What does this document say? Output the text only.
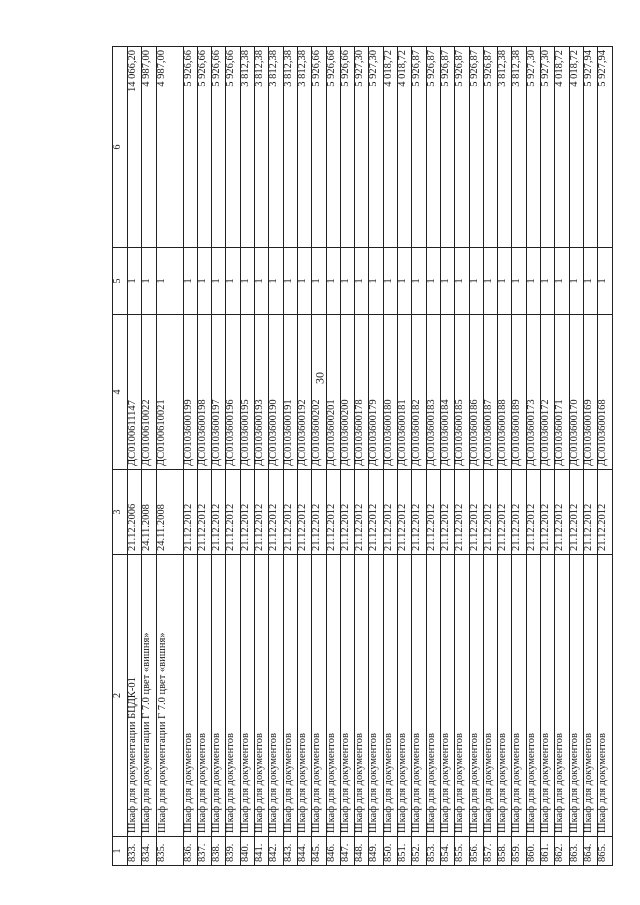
30
1	2	3	4	5	6
833.	Шкаф для документации БЦДК-01	21.12.2006	ДС0100611147	1	14 066,20
834.	Шкаф для документации Г 7.0 цвет «вишня»	24.11.2008	ДС0100610022	1	4 987,00
835.	Шкаф для документации Г 7.0 цвет «вишня»	24.11.2008	ДС0100610021	1	4 987,00
836.	Шкаф для документов	21.12.2012	ДС0103600199	1	5 926,66
837.	Шкаф для документов	21.12.2012	ДС0103600198	1	5 926,66
838.	Шкаф для документов	21.12.2012	ДС0103600197	1	5 926,66
839.	Шкаф для документов	21.12.2012	ДС0103600196	1	5 926,66
840.	Шкаф для документов	21.12.2012	ДС0103600195	1	3 812,38
841.	Шкаф для документов	21.12.2012	ДС0103600193	1	3 812,38
842.	Шкаф для документов	21.12.2012	ДС0103600190	1	3 812,38
843.	Шкаф для документов	21.12.2012	ДС0103600191	1	3 812,38
844.	Шкаф для документов	21.12.2012	ДС0103600192	1	3 812,38
845.	Шкаф для документов	21.12.2012	ДС0103600202	1	5 926,66
846.	Шкаф для документов	21.12.2012	ДС0103600201	1	5 926,66
847.	Шкаф для документов	21.12.2012	ДС0103600200	1	5 926,66
848.	Шкаф для документов	21.12.2012	ДС0103600178	1	5 927,30
849.	Шкаф для документов	21.12.2012	ДС0103600179	1	5 927,30
850.	Шкаф для документов	21.12.2012	ДС0103600180	1	4 018,72
851.	Шкаф для документов	21.12.2012	ДС0103600181	1	4 018,72
852.	Шкаф для документов	21.12.2012	ДС0103600182	1	5 926,87
853.	Шкаф для документов	21.12.2012	ДС0103600183	1	5 926,87
854.	Шкаф для документов	21.12.2012	ДС0103600184	1	5 926,87
855.	Шкаф для документов	21.12.2012	ДС0103600185	1	5 926,87
856.	Шкаф для документов	21.12.2012	ДС0103600186	1	5 926,87
857.	Шкаф для документов	21.12.2012	ДС0103600187	1	5 926,87
858.	Шкаф для документов	21.12.2012	ДС0103600188	1	3 812,38
859.	Шкаф для документов	21.12.2012	ДС0103600189	1	3 812,38
860.	Шкаф для документов	21.12.2012	ДС0103600173	1	5 927,30
861.	Шкаф для документов	21.12.2012	ДС0103600172	1	5 927,30
862.	Шкаф для документов	21.12.2012	ДС0103600171	1	4 018,72
863.	Шкаф для документов	21.12.2012	ДС0103600170	1	4 018,72
864.	Шкаф для документов	21.12.2012	ДС0103600169	1	5 927,94
865.	Шкаф для документов	21.12.2012	ДС0103600168	1	5 927,94
